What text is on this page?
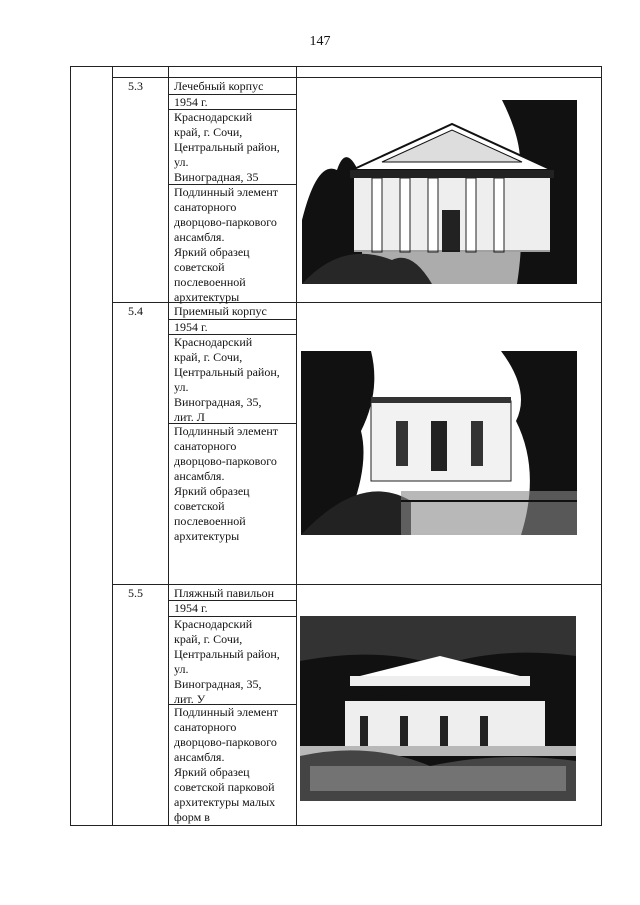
147
5.3	Лечебный корпус
1954 г.
Краснодарский
край, г. Сочи,
Центральный район,
ул.
Виноградная, 35
Подлинный элемент
санаторного
дворцово-паркового
ансамбля.
Яркий образец
советской
послевоенной
архитектуры
5.4	Приемный корпус
1954 г.
Краснодарский
край, г. Сочи,
Центральный район,
ул.
Виноградная, 35,
лит. Л
Подлинный элемент
санаторного
дворцово-паркового
ансамбля.
Яркий образец
советской
послевоенной
архитектуры
5.5	Пляжный павильон
1954 г.
Краснодарский
край, г. Сочи,
Центральный район,
ул.
Виноградная, 35,
лит. У
Подлинный элемент
санаторного
дворцово-паркового
ансамбля.
Яркий образец
советской парковой
архитектуры малых
форм в
